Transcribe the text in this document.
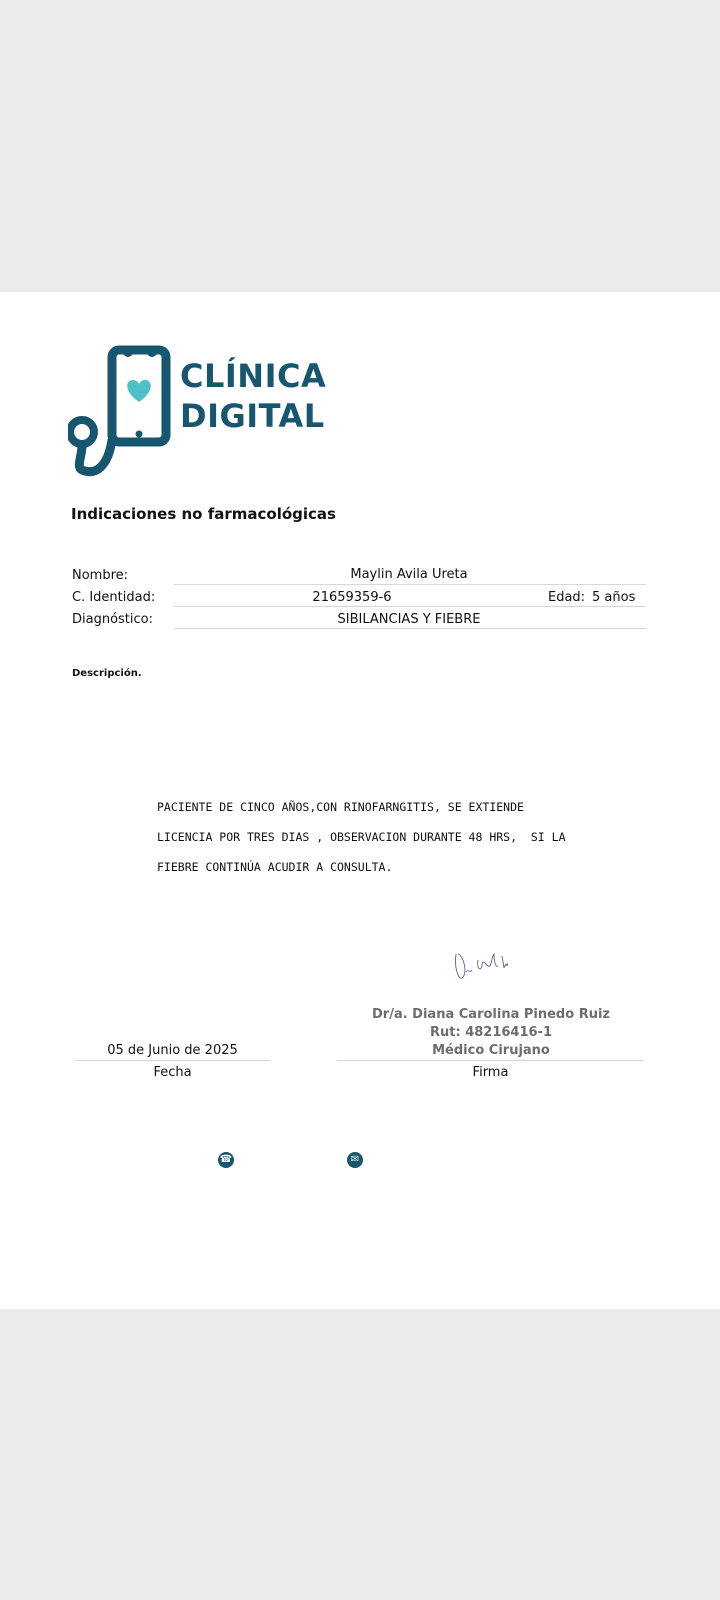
CLÍNICA
DIGITAL
Indicaciones no farmacológicas
Nombre:	Maylin Avila Ureta
C. Identidad:	21659359-6	Edad: 5 años
Diagnóstico:	SIBILANCIAS Y FIEBRE
Descripción.
PACIENTE DE CINCO AÑOS,CON RINOFARNGITIS, SE EXTIENDE
LICENCIA POR TRES DIAS , OBSERVACION DURANTE 48 HRS,  SI LA
FIEBRE CONTINÚA ACUDIR A CONSULTA.
Dr/a. Diana Carolina Pinedo Ruiz
Rut: 48216416-1
Médico Cirujano
05 de Junio de 2025
Fecha	Firma
☎	✉
